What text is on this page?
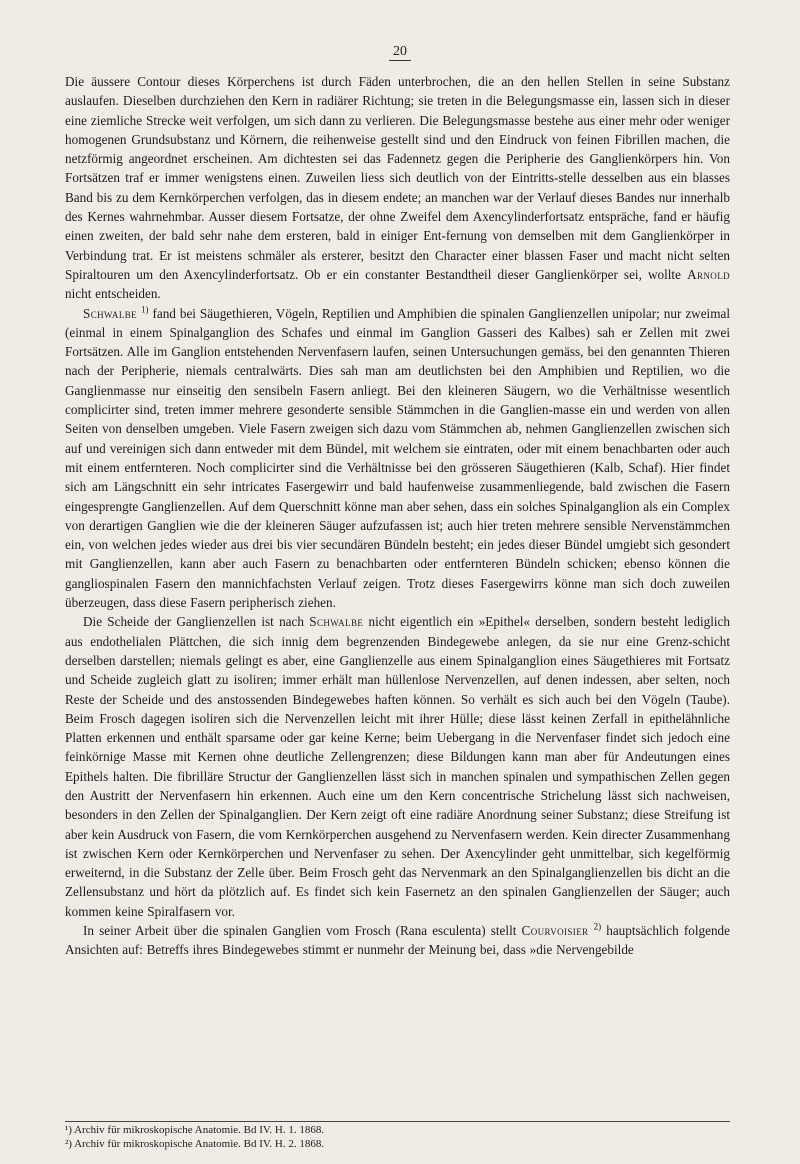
20

Die äussere Contour dieses Körperchens ist durch Fäden unterbrochen, die an den hellen Stellen in seine Substanz auslaufen. Dieselben durchziehen den Kern in radiärer Richtung; sie treten in die Belegungsmasse ein, lassen sich in dieser eine ziemliche Strecke weit verfolgen, um sich dann zu verlieren. Die Belegungsmasse bestehe aus einer mehr oder weniger homogenen Grundsubstanz und Körnern, die reihenweise gestellt sind und den Eindruck von feinen Fibrillen machen, die netzförmig angeordnet erscheinen. Am dichtesten sei das Fadennetz gegen die Peripherie des Ganglienkörpers hin. Von Fortsätzen traf er immer wenigstens einen. Zuweilen liess sich deutlich von der Eintritts-stelle desselben aus ein blasses Band bis zu dem Kernkörperchen verfolgen, das in diesem endete; an manchen war der Verlauf dieses Bandes nur innerhalb des Kernes wahrnehmbar. Ausser diesem Fortsatze, der ohne Zweifel dem Axencylinderfortsatz entspräche, fand er häufig einen zweiten, der bald sehr nahe dem ersteren, bald in einiger Ent-fernung von demselben mit dem Ganglienkörper in Verbindung trat. Er ist meistens schmäler als ersterer, besitzt den Character einer blassen Faser und macht nicht selten Spiraltouren um den Axencylinderfortsatz. Ob er ein constanter Bestandtheil dieser Ganglienkörper sei, wollte Arnold nicht entscheiden.

Schwalbe $^{1)}$ fand bei Säugethieren, Vögeln, Reptilien und Amphibien die spinalen Ganglienzellen unipolar; nur zweimal (einmal in einem Spinalganglion des Schafes und einmal im Ganglion Gasseri des Kalbes) sah er Zellen mit zwei Fortsätzen. Alle im Ganglion entstehenden Nervenfasern laufen, seinen Untersuchungen gemäss, bei den genannten Thieren nach der Peripherie, niemals centralwärts. Dies sah man am deutlichsten bei den Amphibien und Reptilien, wo die Ganglienmasse nur einseitig den sensibeln Fasern anliegt. Bei den kleineren Säugern, wo die Verhältnisse wesentlich complicirter sind, treten immer mehrere gesonderte sensible Stämmchen in die Ganglien-masse ein und werden von allen Seiten von denselben umgeben. Viele Fasern zweigen sich dazu vom Stämmchen ab, nehmen Ganglienzellen zwischen sich auf und vereinigen sich dann entweder mit dem Bündel, mit welchem sie eintraten, oder mit einem benachbarten oder auch mit einem entfernteren. Noch complicirter sind die Verhältnisse bei den grösseren Säugethieren (Kalb, Schaf). Hier findet sich am Längschnitt ein sehr intricates Fasergewirr und bald haufenweise zusammenliegende, bald zwischen die Fasern eingesprengte Ganglienzellen. Auf dem Querschnitt könne man aber sehen, dass ein solches Spinalganglion als ein Complex von derartigen Ganglien wie die der kleineren Säuger aufzufassen ist; auch hier treten mehrere sensible Nervenstämmchen ein, von welchen jedes wieder aus drei bis vier secundären Bündeln besteht; ein jedes dieser Bündel umgiebt sich gesondert mit Ganglienzellen, kann aber auch Fasern zu benachbarten oder entfernteren Bündeln schicken; ebenso können die gangliospinalen Fasern den mannichfachsten Verlauf zeigen. Trotz dieses Fasergewirrs könne man sich doch zuweilen überzeugen, dass diese Fasern peripherisch ziehen.

Die Scheide der Ganglienzellen ist nach Schwalbe nicht eigentlich ein »Epithel« derselben, sondern besteht lediglich aus endothelialen Plättchen, die sich innig dem begrenzenden Bindegewebe anlegen, da sie nur eine Grenz-schicht derselben darstellen; niemals gelingt es aber, eine Ganglienzelle aus einem Spinalganglion eines Säugethieres mit Fortsatz und Scheide zugleich glatt zu isoliren; immer erhält man hüllenlose Nervenzellen, auf denen indessen, aber selten, noch Reste der Scheide und des anstossenden Bindegewebes haften können. So verhält es sich auch bei den Vögeln (Taube). Beim Frosch dagegen isoliren sich die Nervenzellen leicht mit ihrer Hülle; diese lässt keinen Zerfall in epithelähnliche Platten erkennen und enthält sparsame oder gar keine Kerne; beim Uebergang in die Nervenfaser findet sich jedoch eine feinkörnige Masse mit Kernen ohne deutliche Zellengrenzen; diese Bildungen kann man aber für Andeutungen eines Epithels halten. Die fibrilläre Structur der Ganglienzellen lässt sich in manchen spinalen und sympathischen Zellen gegen den Austritt der Nervenfasern hin erkennen. Auch eine um den Kern concentrische Strichelung lässt sich nachweisen, besonders in den Zellen der Spinalganglien. Der Kern zeigt oft eine radiäre Anordnung seiner Substanz; diese Streifung ist aber kein Ausdruck von Fasern, die vom Kernkörperchen ausgehend zu Nervenfasern werden. Kein directer Zusammenhang ist zwischen Kern oder Kernkörperchen und Nervenfaser zu sehen. Der Axencylinder geht unmittelbar, sich kegelförmig erweiternd, in die Substanz der Zelle über. Beim Frosch geht das Nervenmark an den Spinalganglienzellen bis dicht an die Zellensubstanz und hört da plötzlich auf. Es findet sich kein Fasernetz an den spinalen Ganglienzellen der Säuger; auch kommen keine Spiralfasern vor.

In seiner Arbeit über die spinalen Ganglien vom Frosch (Rana esculenta) stellt Courvoisier $^{2)}$ hauptsächlich folgende Ansichten auf: Betreffs ihres Bindegewebes stimmt er nunmehr der Meinung bei, dass »die Nervengebilde

¹) Archiv für mikroskopische Anatomie. Bd IV. H. 1. 1868.
²) Archiv für mikroskopische Anatomie. Bd IV. H. 2. 1868.
